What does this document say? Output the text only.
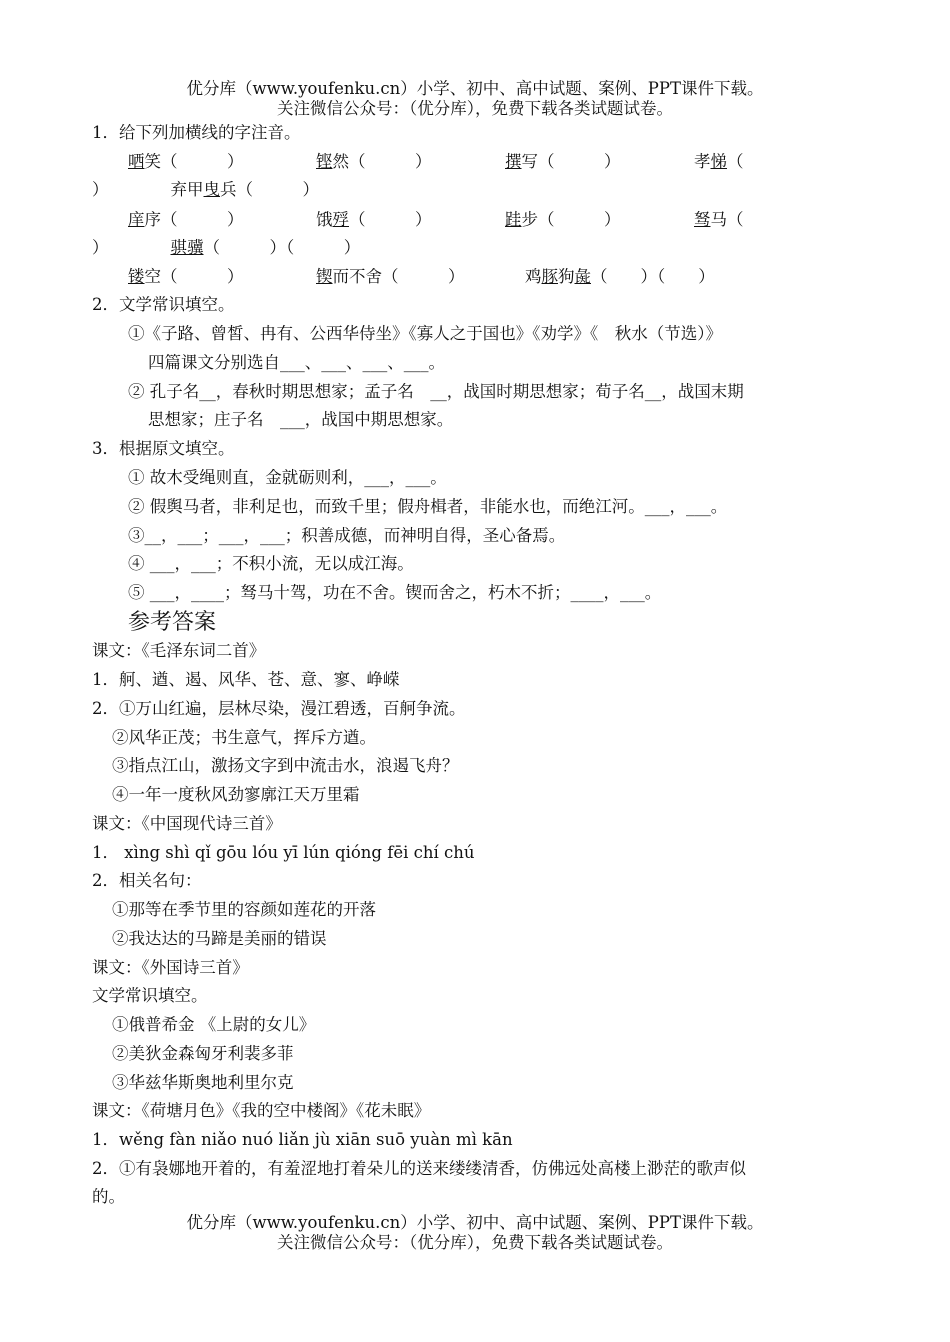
优分库（www.youfenku.cn）小学、初中、高中试题、案例、PPT课件下载。
关注微信公众号：（优分库），免费下载各类试题试卷。
1．给下列加横线的字注音。
哂笑（　　　）	铿然（　　　）	撰写（　　　）	孝悌（
）	弃甲曳兵（　　　）
庠序（　　　）	饿殍（　　　）	跬步（　　　）	驽马（
）	骐骥（　　　）（　　　）
镂空（　　　）	锲而不舍（　　　）	鸡豚狗彘（　　）（　　）
2．文学常识填空。
①《子路、曾皙、冉有、公西华侍坐》《寡人之于国也》《劝学》《　秋水（节选）》
四篇课文分别选自___、___、___、___。
② 孔子名__，春秋时期思想家；孟子名　__，战国时期思想家；荀子名__，战国末期
思想家；庄子名　___，战国中期思想家。
3．根据原文填空。
① 故木受绳则直，金就砺则利，___，___。
② 假舆马者，非利足也，而致千里；假舟楫者，非能水也，而绝江河。___，___。
③__，___；___，___；积善成德，而神明自得，圣心备焉。
④ ___，___；不积小流，无以成江海。
⑤ ___，____；驽马十驾，功在不舍。锲而舍之，朽木不折；____，___。
参考答案
课文：《毛泽东词二首》
1．舸、遒、遏、风华、苍、意、寥、峥嵘
2．①万山红遍，层林尽染，漫江碧透，百舸争流。
②风华正茂；书生意气，挥斥方遒。
③指点江山，激扬文字到中流击水，浪遏飞舟？
④一年一度秋风劲寥廓江天万里霜
课文：《中国现代诗三首》
1． xìng shì qǐ gōu lóu yī lún qióng fēi chí chú
2．相关名句：
①那等在季节里的容颜如莲花的开落
②我达达的马蹄是美丽的错误
课文：《外国诗三首》
文学常识填空。
①俄普希金 《上尉的女儿》
②美狄金森匈牙利裴多菲
③华兹华斯奥地利里尔克
课文：《荷塘月色》《我的空中楼阁》《花未眠》
1．wěng fàn niǎo nuó liǎn jù xiān suō yuàn mì kān
2．①有袅娜地开着的，有羞涩地打着朵儿的送来缕缕清香，仿佛远处高楼上渺茫的歌声似
的。
优分库（www.youfenku.cn）小学、初中、高中试题、案例、PPT课件下载。
关注微信公众号：（优分库），免费下载各类试题试卷。
